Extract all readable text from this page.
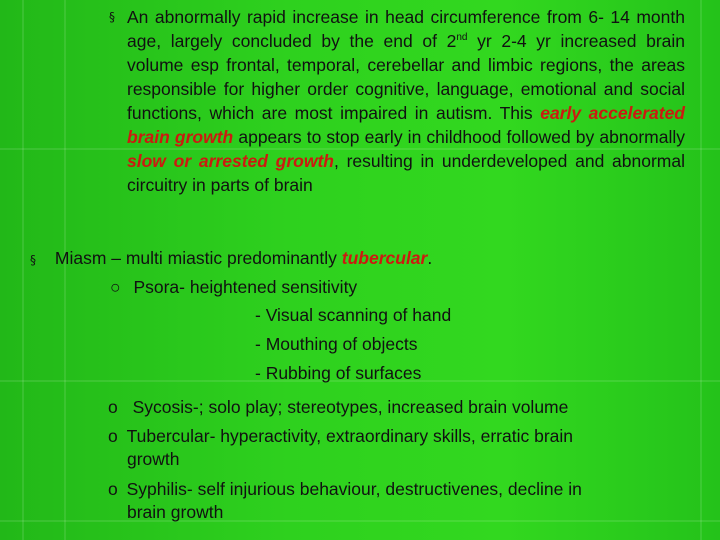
§ An abnormally rapid increase in head circumference from 6- 14 month age, largely concluded by the end of 2nd yr 2-4 yr increased brain volume esp frontal, temporal, cerebellar and limbic regions, the areas responsible for higher order cognitive, language, emotional and social functions, which are most impaired in autism. This early accelerated brain growth appears to stop early in childhood followed by abnormally slow or arrested growth, resulting in underdeveloped and abnormal circuitry in parts of brain
§ Miasm – multi miastic predominantly tubercular.
○ Psora- heightened sensitivity
- Visual scanning of hand
- Mouthing of objects
- Rubbing of surfaces
o Sycosis-; solo play; stereotypes, increased brain volume
o Tubercular- hyperactivity, extraordinary skills, erratic brain
growth
o Syphilis- self injurious behaviour, destructivenes, decline in
brain growth
